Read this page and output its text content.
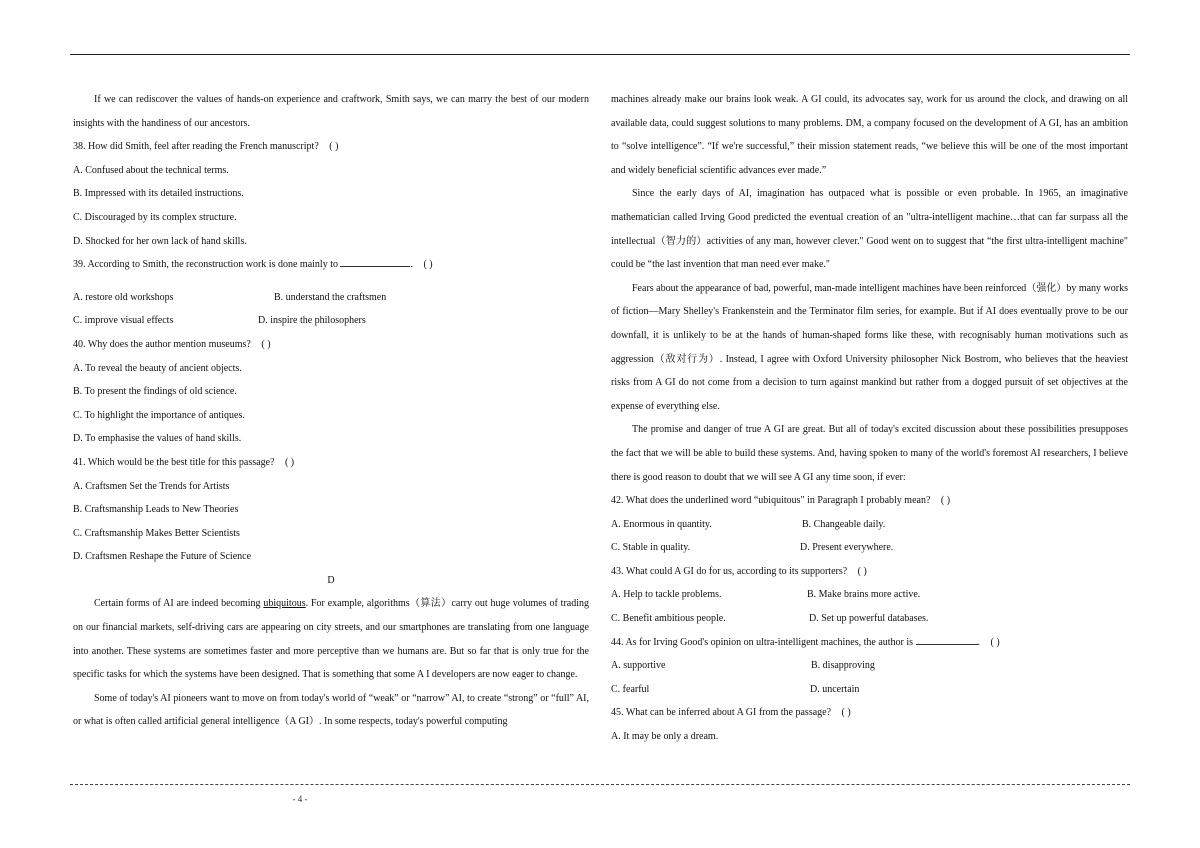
If we can rediscover the values of hands-on experience and craftwork, Smith says, we can marry the best of our modern insights with the handiness of our ancestors.
38. How did Smith, feel after reading the French manuscript? ( )
A. Confused about the technical terms.
B. Impressed with its detailed instructions.
C. Discouraged by its complex structure.
D. Shocked for her own lack of hand skills.
39. According to Smith, the reconstruction work is done mainly to	. ( )
A. restore old workshops	B. understand the craftsmen
C. improve visual effects	D. inspire the philosophers
40. Why does the author mention museums? ( )
A. To reveal the beauty of ancient objects.
B. To present the findings of old science.
C. To highlight the importance of antiques.
D. To emphasise the values of hand skills.
41. Which would be the best title for this passage? ( )
A. Craftsmen Set the Trends for Artists
B. Craftsmanship Leads to New Theories
C. Craftsmanship Makes Better Scientists
D. Craftsmen Reshape the Future of Science
D
Certain forms of AI are indeed becoming ubiquitous. For example, algorithms（算法）carry out huge volumes of trading on our financial markets, self-driving cars are appearing on city streets, and our smartphones are translating from one language into another. These systems are sometimes faster and more perceptive than we humans are. But so far that is only true for the specific tasks for which the systems have been designed. That is something that some A I developers are now eager to change.
Some of today's AI pioneers want to move on from today's world of “weak” or “narrow” AI, to create “strong” or “full” AI, or what is often called artificial general intelligence（A GI）. In some respects, today's powerful computing
machines already make our brains look weak. A GI could, its advocates say, work for us around the clock, and drawing on all available data, could suggest solutions to many problems. DM, a company focused on the development of A GI, has an ambition to “solve intelligence”. “If we're successful,” their mission statement reads, “we believe this will be one of the most important and widely beneficial scientific advances ever made.”
Since the early days of AI, imagination has outpaced what is possible or even probable. In 1965, an imaginative mathematician called Irving Good predicted the eventual creation of an "ultra-intelligent machine…that can far surpass all the intellectual（智力的）activities of any man, however clever." Good went on to suggest that “the first ultra-intelligent machine" could be “the last invention that man need ever make."
Fears about the appearance of bad, powerful, man-made intelligent machines have been reinforced（强化）by many works of fiction—Mary Shelley's Frankenstein and the Terminator film series, for example. But if AI does eventually prove to be our downfall, it is unlikely to be at the hands of human-shaped forms like these, with recognisably human motivations such as aggression（敌对行为）. Instead, I agree with Oxford University philosopher Nick Bostrom, who believes that the heaviest risks from A GI do not come from a decision to turn against mankind but rather from a dogged pursuit of set objectives at the expense of everything else.
The promise and danger of true A GI are great. But all of today's excited discussion about these possibilities presupposes the fact that we will be able to build these systems. And, having spoken to many of the world's foremost AI researchers, I believe there is good reason to doubt that we will see A GI any time soon, if ever:
42. What does the underlined word “ubiquitous" in Paragraph I probably mean? ( )
A. Enormous in quantity.	B. Changeable daily.
C. Stable in quality.	D. Present everywhere.
43. What could A GI do for us, according to its supporters? ( )
A. Help to tackle problems.	B. Make brains more active.
C. Benefit ambitious people.	D. Set up powerful databases.
44. As for Irving Good's opinion on ultra-intelligent machines, the author is	. ( )
A. supportive	B. disapproving
C. fearful	D. uncertain
45. What can be inferred about A GI from the passage? ( )
A. It may be only a dream.
- 4 -
